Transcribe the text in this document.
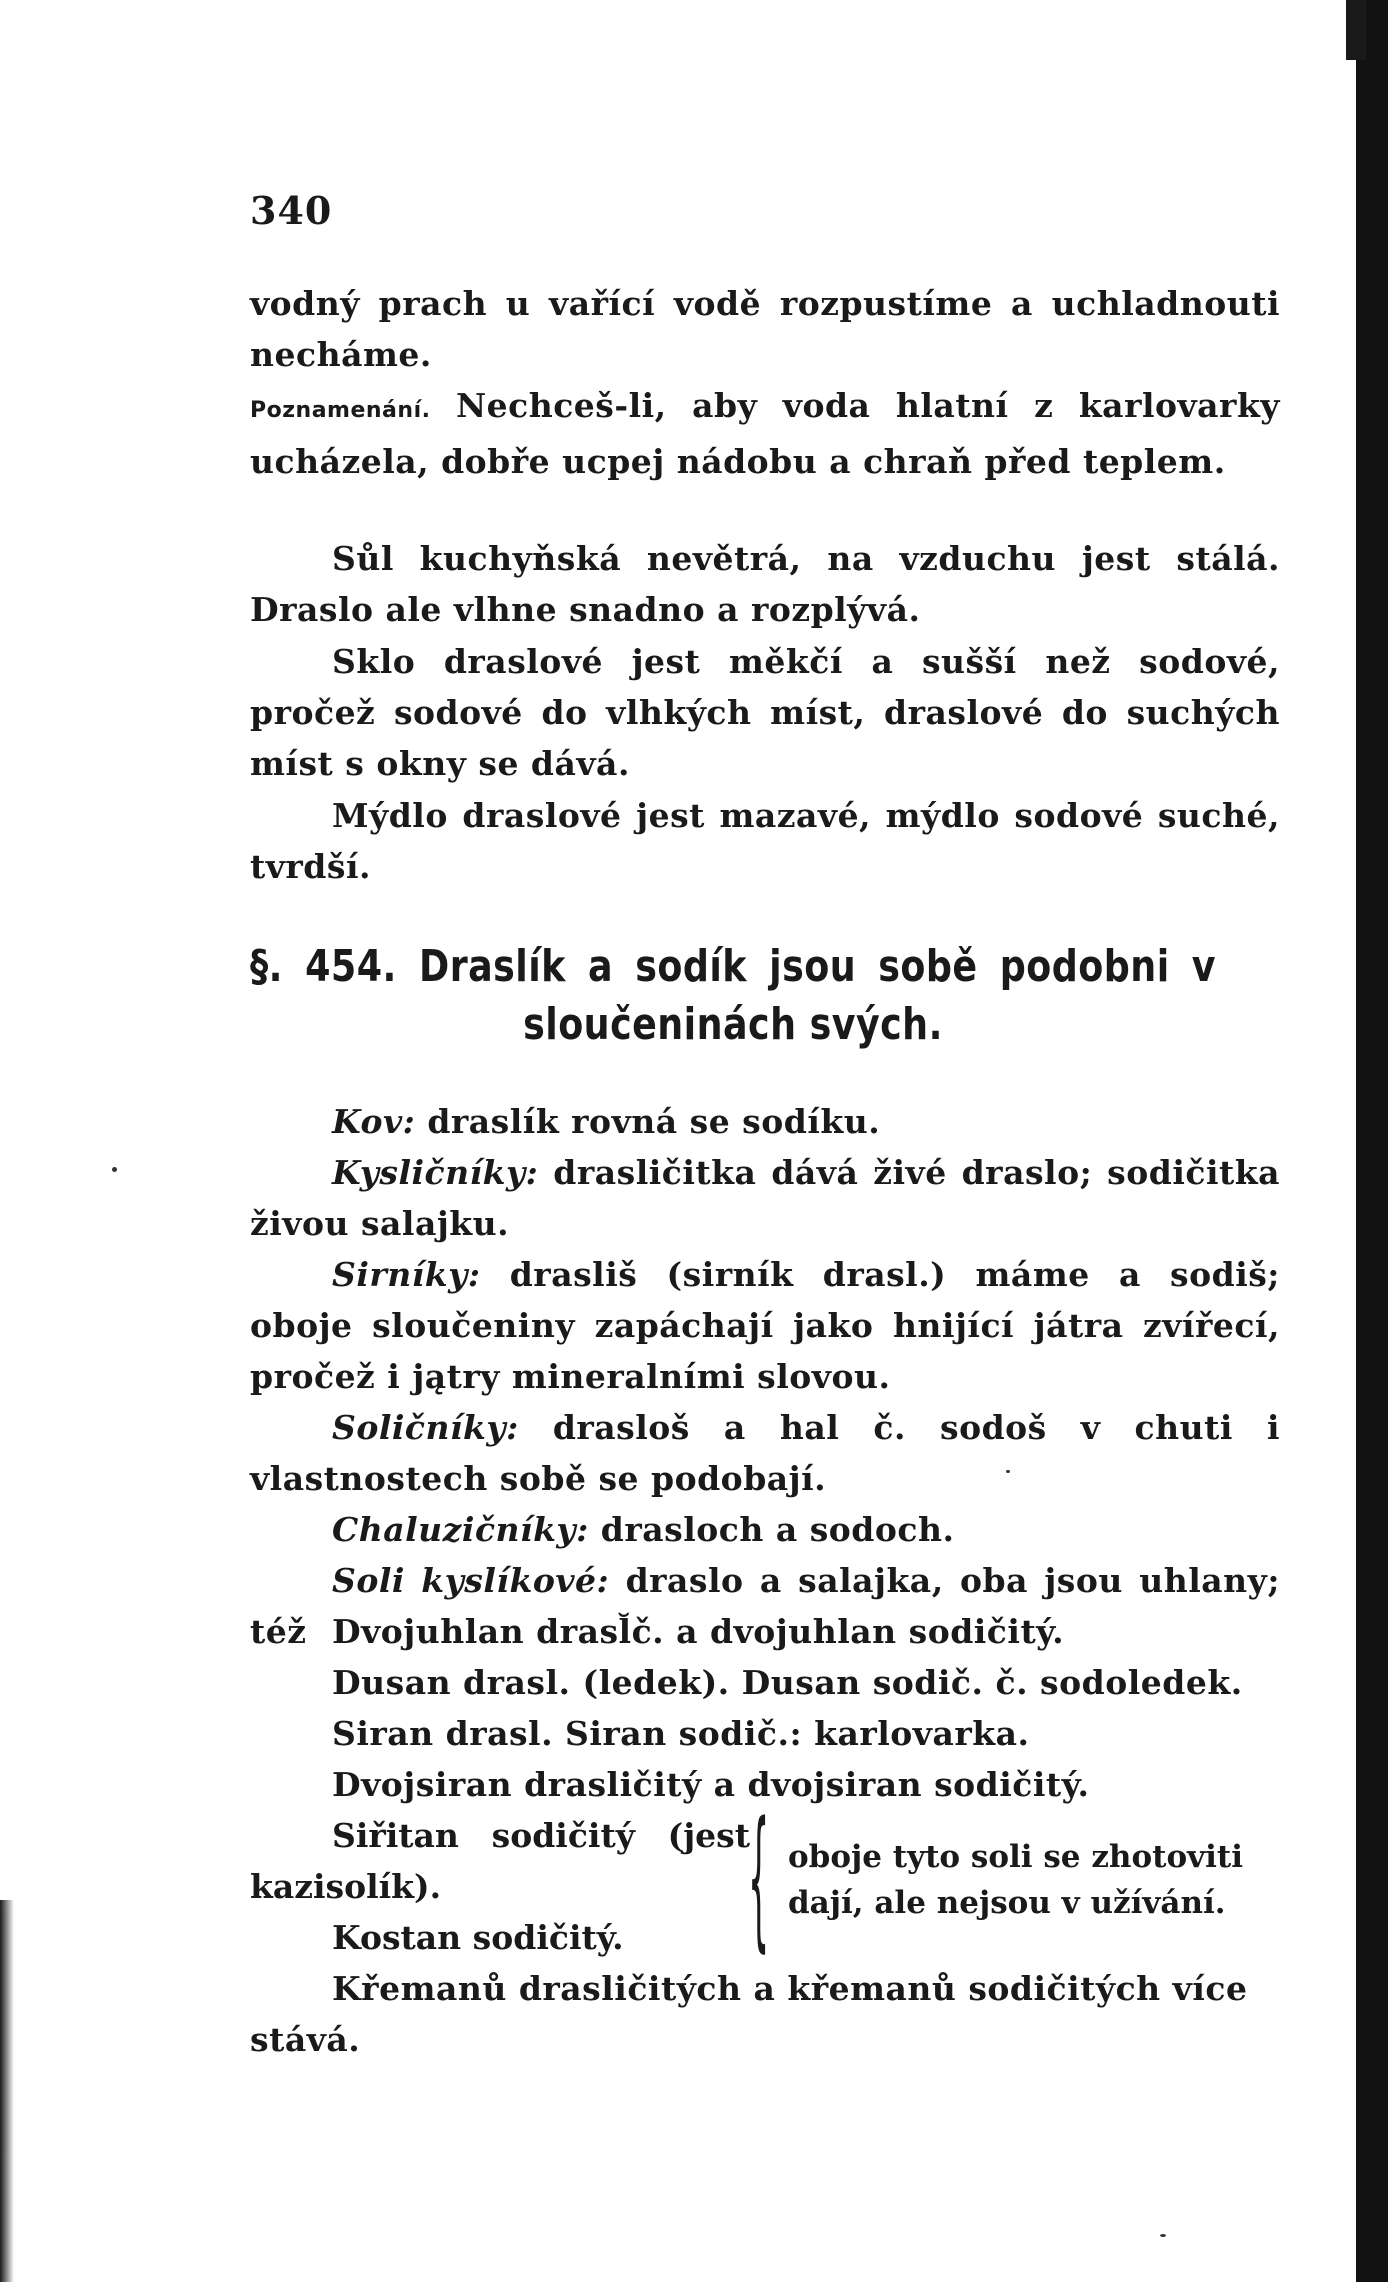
340

vodný prach u vařící vodě rozpustíme a uchladnouti necháme.

Poznamenání. Nechceš-li, aby voda hlatní z karlovarky ucházela, dobře ucpej nádobu a chraň před teplem.

Sůl kuchyňská nevětrá, na vzduchu jest stálá. Draslo ale vlhne snadno a rozplývá.

Sklo draslové jest měkčí a sušší než sodové, pročež sodové do vlhkých míst, draslové do suchých míst s okny se dává.

Mýdlo draslové jest mazavé, mýdlo sodové suché, tvrdší.

§. 454. Draslík a sodík jsou sobě podobni v sloučeninách svých.

Kov: draslík rovná se sodíku.

Kysličníky: drasličitka dává živé draslo; sodičitka živou salajku.

Sirníky: drasliš (sirník drasl.) máme a sodiš; oboje sloučeniny zapáchají jako hnijící játra zvířecí, pročež i jątry mineralními slovou.

Soličníky: drasloš a hal č. sodoš v chuti i vlastnostech sobě se podobají.

Chaluzičníky: drasloch a sodoch.

Soli kyslíkové: draslo a salajka, oba jsou uhlany; též Dvojuhlan drasl̆č. a dvojuhlan sodičitý.

Dusan drasl. (ledek). Dusan sodič. č. sodoledek.

Siran drasl. Siran sodič.: karlovarka.

Dvojsiran drasličitý a dvojsiran sodičitý.

Siřitan sodičitý (jest kazisolík).
Kostan sodičitý. { oboje tyto soli se zhotoviti dají, ale nejsou v užívání.

Křemanů drasličitých a křemanů sodičitých více stává.
